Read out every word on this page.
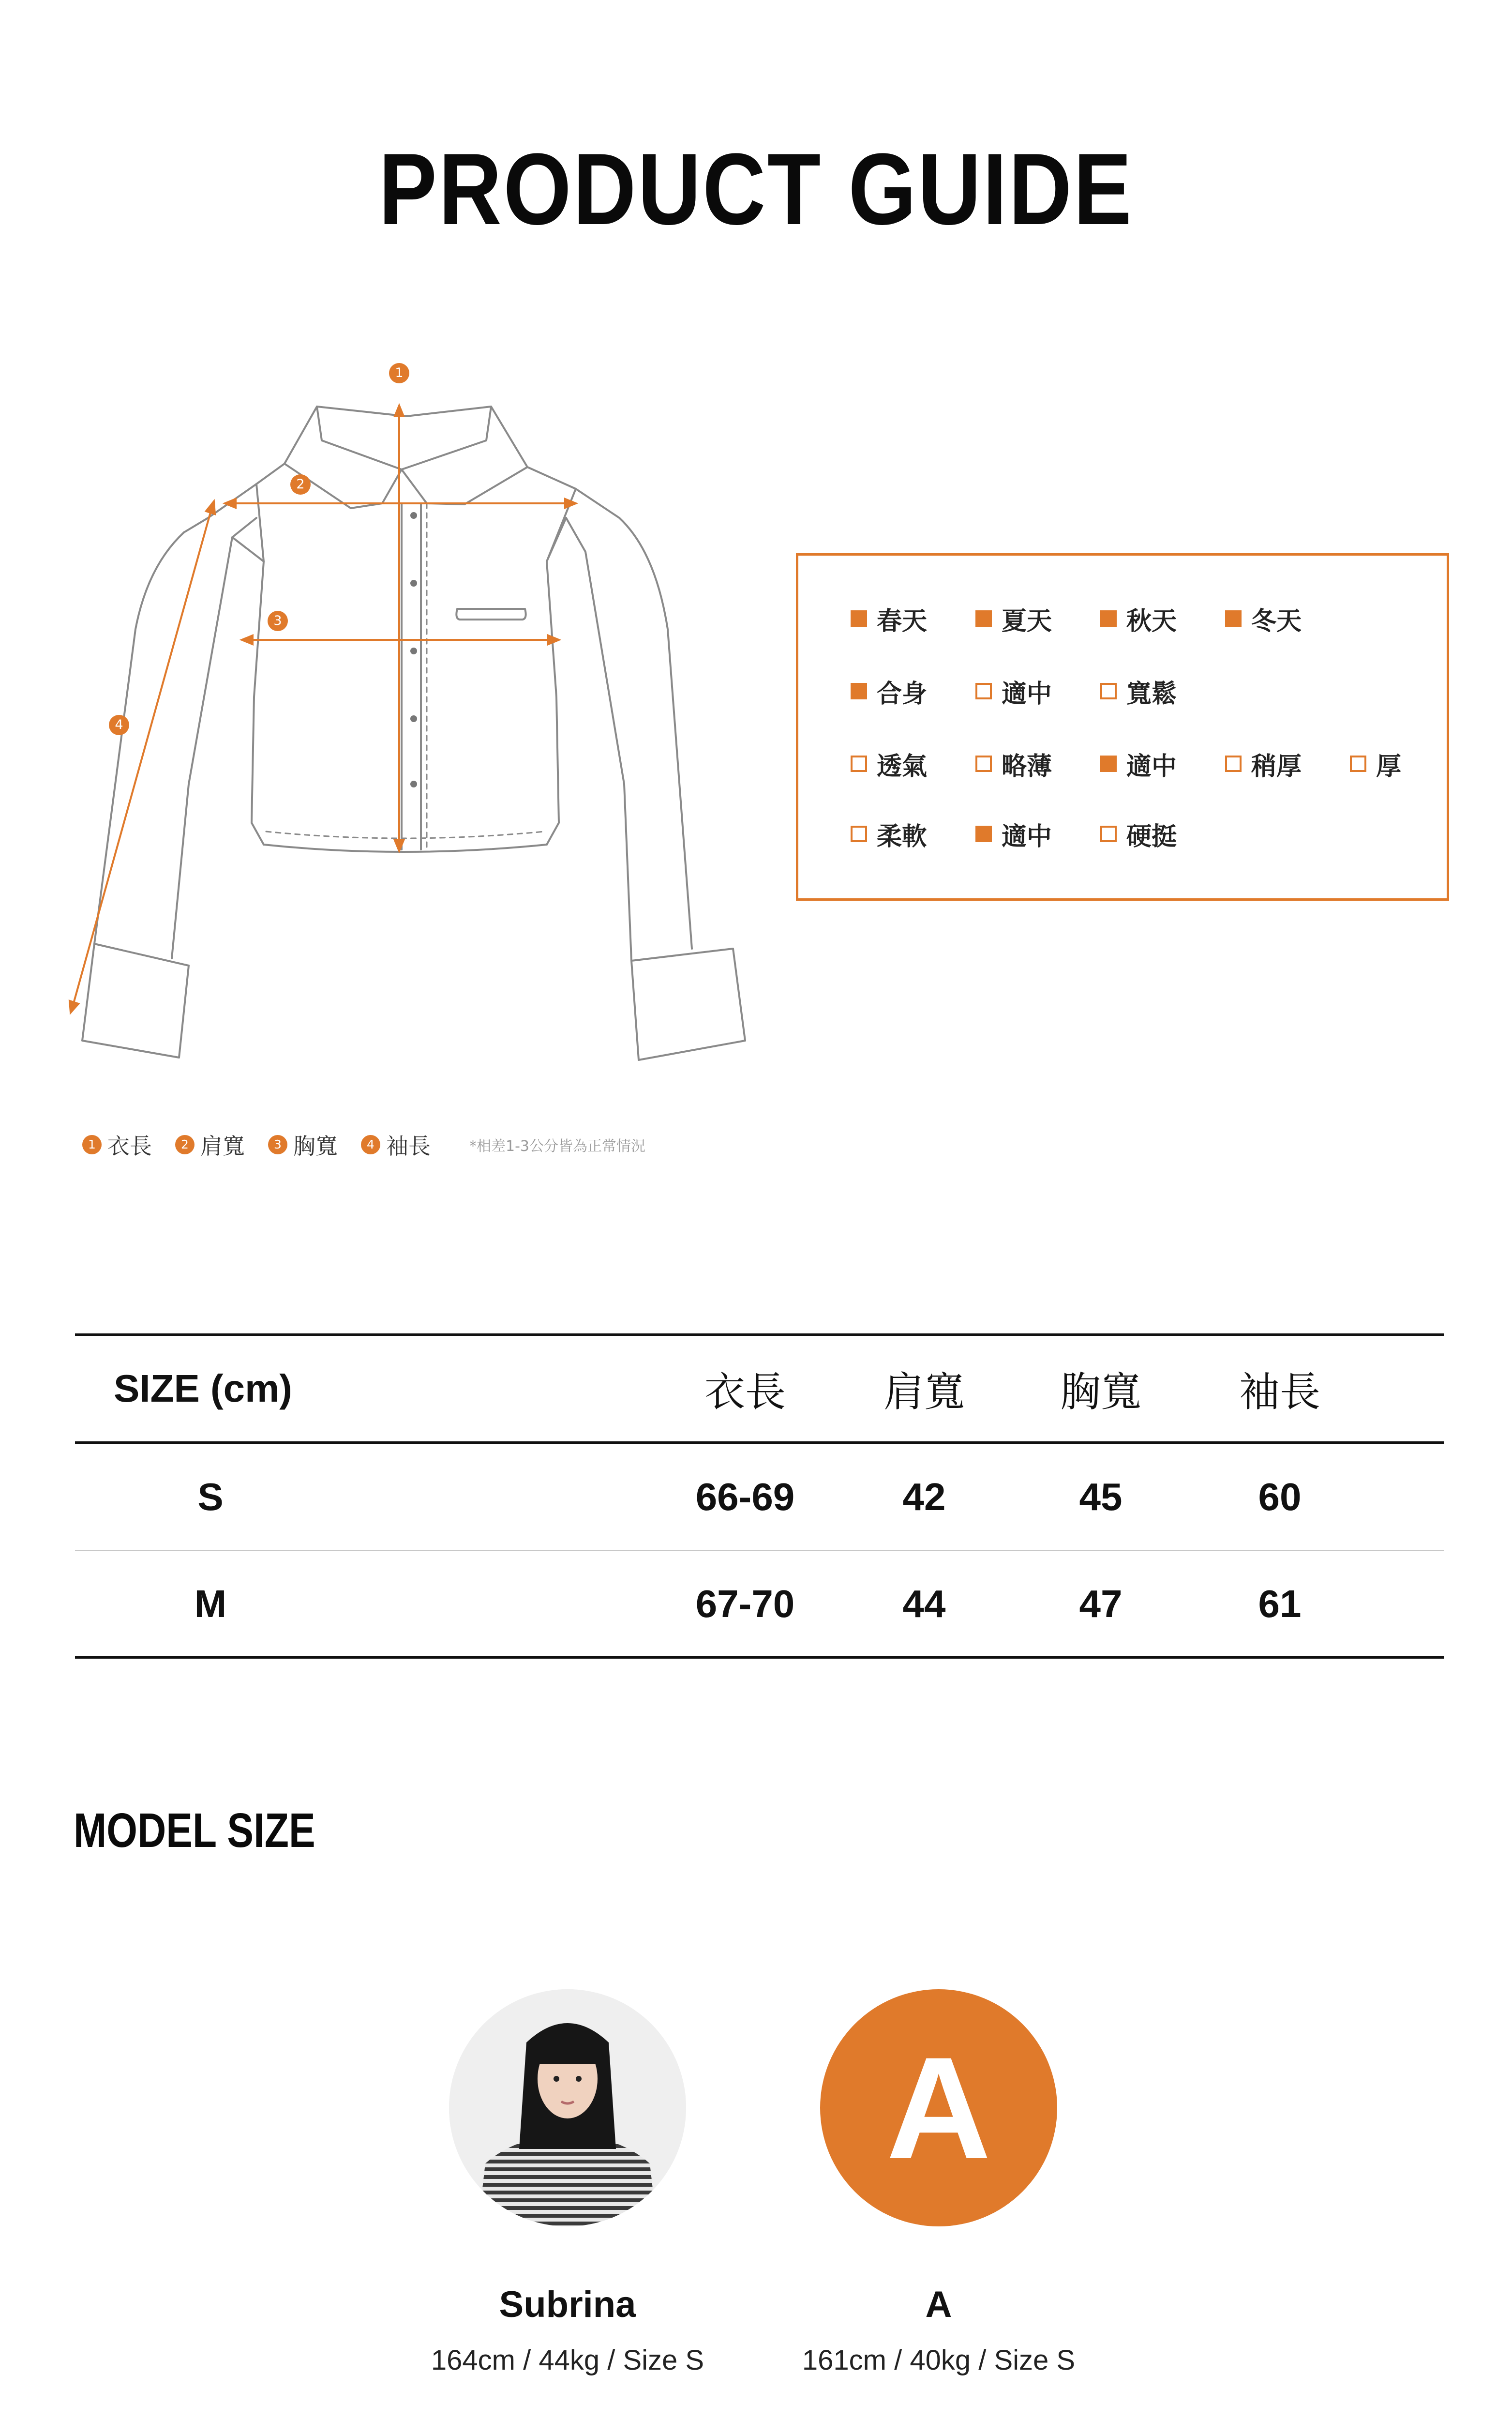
PRODUCT GUIDE
1
2
3
4
1 衣長	2 肩寬	3 胸寬	4 袖長	*相差1-3公分皆為正常情況
春天	夏天	秋天	冬天
合身	適中	寬鬆
透氣	略薄	適中	稍厚	厚
柔軟	適中	硬挺
SIZE (cm)	衣長	肩寬	胸寬	袖長
S	66-69	42	45	60
M	67-70	44	47	61
MODEL SIZE
Subrina
164cm / 44kg / Size S
A
A
161cm / 40kg / Size S
